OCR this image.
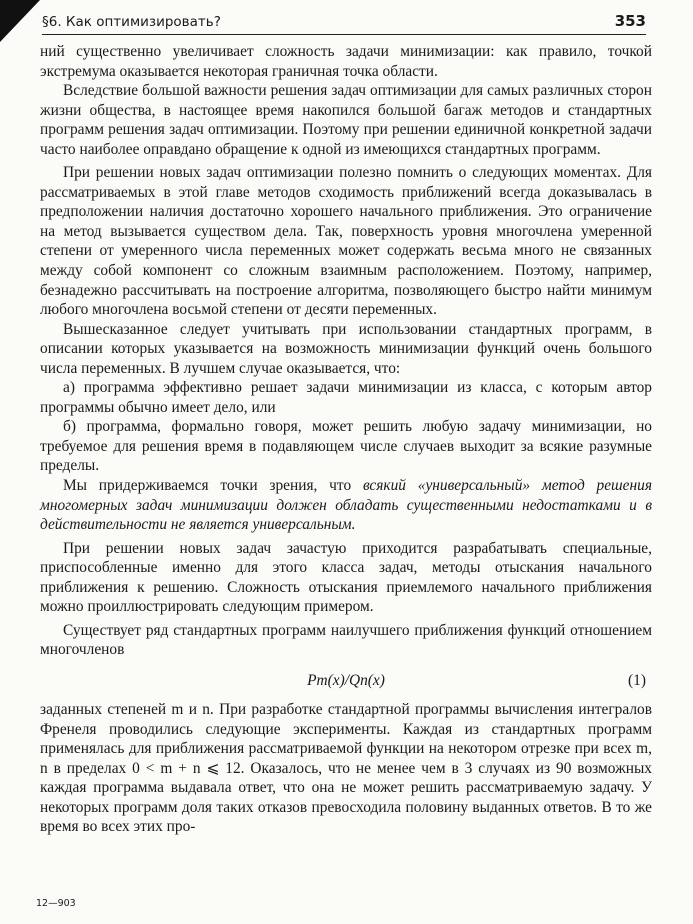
§6. Как оптимизировать?	353

ний существенно увеличивает сложность задачи минимизации: как правило, точкой экстремума оказывается некоторая граничная точка области.

Вследствие большой важности решения задач оптимизации для самых различных сторон жизни общества, в настоящее время накопился большой багаж методов и стандартных программ решения задач оптимизации. Поэтому при решении единичной конкретной задачи часто наиболее оправдано обращение к одной из имеющихся стандартных программ.

При решении новых задач оптимизации полезно помнить о следующих моментах. Для рассматриваемых в этой главе методов сходимость приближений всегда доказывалась в предположении наличия достаточно хорошего начального приближения. Это ограничение на метод вызывается существом дела. Так, поверхность уровня многочлена умеренной степени от умеренного числа переменных может содержать весьма много не связанных между собой компонент со сложным взаимным расположением. Поэтому, например, безнадежно рассчитывать на построение алгоритма, позволяющего быстро найти минимум любого многочлена восьмой степени от десяти переменных.

Вышесказанное следует учитывать при использовании стандартных программ, в описании которых указывается на возможность минимизации функций очень большого числа переменных. В лучшем случае оказывается, что:

а) программа эффективно решает задачи минимизации из класса, с которым автор программы обычно имеет дело, или

б) программа, формально говоря, может решить любую задачу минимизации, но требуемое для решения время в подавляющем числе случаев выходит за всякие разумные пределы.

Мы придерживаемся точки зрения, что всякий «универсальный» метод решения многомерных задач минимизации должен обладать существенными недостатками и в действительности не является универсальным.

При решении новых задач зачастую приходится разрабатывать специальные, приспособленные именно для этого класса задач, методы отыскания начального приближения к решению. Сложность отыскания приемлемого начального приближения можно проиллюстрировать следующим примером.

Существует ряд стандартных программ наилучшего приближения функций отношением многочленов

Pm(x)/Qn(x)	(1)

заданных степеней m и n. При разработке стандартной программы вычисления интегралов Френеля проводились следующие эксперименты. Каждая из стандартных программ применялась для приближения рассматриваемой функции на некотором отрезке при всех m, n в пределах 0 < m + n ⩽ 12. Оказалось, что не менее чем в 3 случаях из 90 возможных каждая программа выдавала ответ, что она не может решить рассматриваемую задачу. У некоторых программ доля таких отказов превосходила половину выданных ответов. В то же время во всех этих про-

12—903
